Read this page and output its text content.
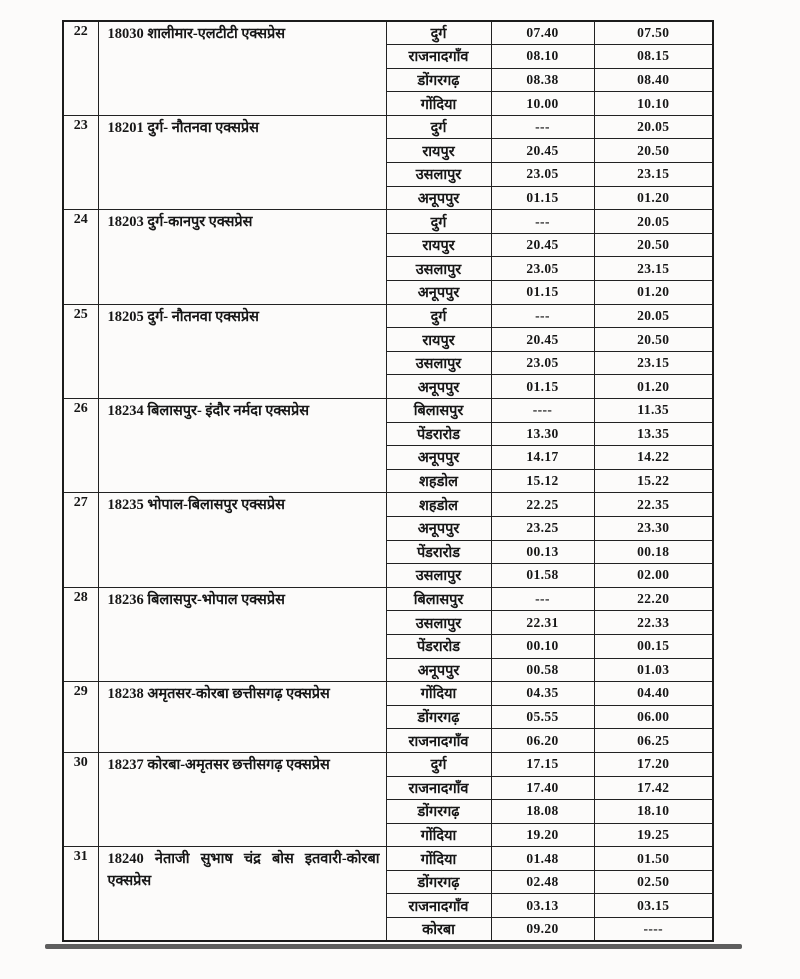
22	18030 शालीमार-एलटीटी एक्सप्रेस	दुर्ग	07.40	07.50
		राजनादगाँव	08.10	08.15
		डोंगरगढ़	08.38	08.40
		गोंदिया	10.00	10.10
23	18201 दुर्ग- नौतनवा एक्सप्रेस	दुर्ग	---	20.05
		रायपुर	20.45	20.50
		उसलापुर	23.05	23.15
		अनूपपुर	01.15	01.20
24	18203 दुर्ग-कानपुर एक्सप्रेस	दुर्ग	---	20.05
		रायपुर	20.45	20.50
		उसलापुर	23.05	23.15
		अनूपपुर	01.15	01.20
25	18205 दुर्ग- नौतनवा एक्सप्रेस	दुर्ग	---	20.05
		रायपुर	20.45	20.50
		उसलापुर	23.05	23.15
		अनूपपुर	01.15	01.20
26	18234 बिलासपुर- इंदौर नर्मदा एक्सप्रेस	बिलासपुर	----	11.35
		पेंडरारोड	13.30	13.35
		अनूपपुर	14.17	14.22
		शहडोल	15.12	15.22
27	18235 भोपाल-बिलासपुर एक्सप्रेस	शहडोल	22.25	22.35
		अनूपपुर	23.25	23.30
		पेंडरारोड	00.13	00.18
		उसलापुर	01.58	02.00
28	18236 बिलासपुर-भोपाल एक्सप्रेस	बिलासपुर	---	22.20
		उसलापुर	22.31	22.33
		पेंडरारोड	00.10	00.15
		अनूपपुर	00.58	01.03
29	18238 अमृतसर-कोरबा छत्तीसगढ़ एक्सप्रेस	गोंदिया	04.35	04.40
		डोंगरगढ़	05.55	06.00
		राजनादगाँव	06.20	06.25
30	18237 कोरबा-अमृतसर छत्तीसगढ़ एक्सप्रेस	दुर्ग	17.15	17.20
		राजनादगाँव	17.40	17.42
		डोंगरगढ़	18.08	18.10
		गोंदिया	19.20	19.25
31	18240 नेताजी सुभाष चंद्र बोस इतवारी-कोरबा एक्सप्रेस	गोंदिया	01.48	01.50
		डोंगरगढ़	02.48	02.50
		राजनादगाँव	03.13	03.15
		कोरबा	09.20	----
